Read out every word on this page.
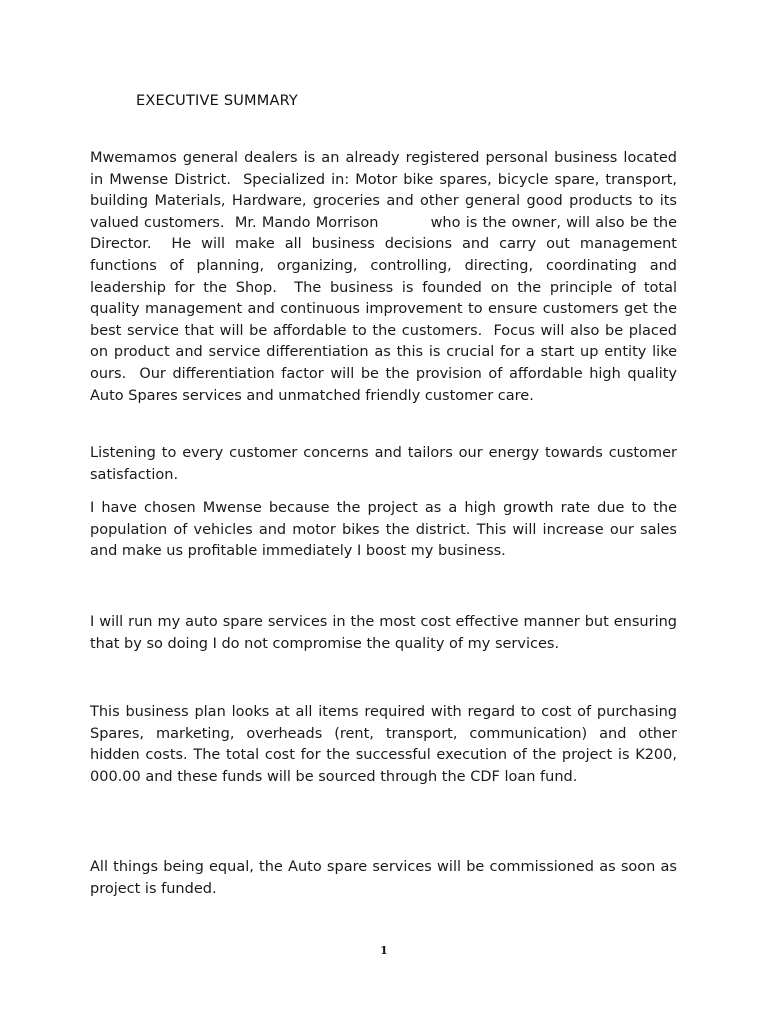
EXECUTIVE SUMMARY

Mwemamos general dealers is an already registered personal business located in Mwense District.  Specialized in: Motor bike spares, bicycle spare, transport, building Materials, Hardware, groceries and other general good products to its valued customers.  Mr. Mando Morrison          who is the owner, will also be the Director.  He will make all business decisions and carry out management functions of planning, organizing, controlling, directing, coordinating and leadership for the Shop.  The business is founded on the principle of total quality management and continuous improvement to ensure customers get the best service that will be affordable to the customers.  Focus will also be placed on product and service differentiation as this is crucial for a start up entity like ours.  Our differentiation factor will be the provision of affordable high quality Auto Spares services and unmatched friendly customer care.

Listening to every customer concerns and tailors our energy towards customer satisfaction.

I have chosen Mwense because the project as a high growth rate due to the population of vehicles and motor bikes the district. This will increase our sales and make us profitable immediately I boost my business.

I will run my auto spare services in the most cost effective manner but ensuring that by so doing I do not compromise the quality of my services.

This business plan looks at all items required with regard to cost of purchasing Spares, marketing, overheads (rent, transport, communication) and other hidden costs. The total cost for the successful execution of the project is K200, 000.00 and these funds will be sourced through the CDF loan fund.

All things being equal, the Auto spare services will be commissioned as soon as project is funded.

1
